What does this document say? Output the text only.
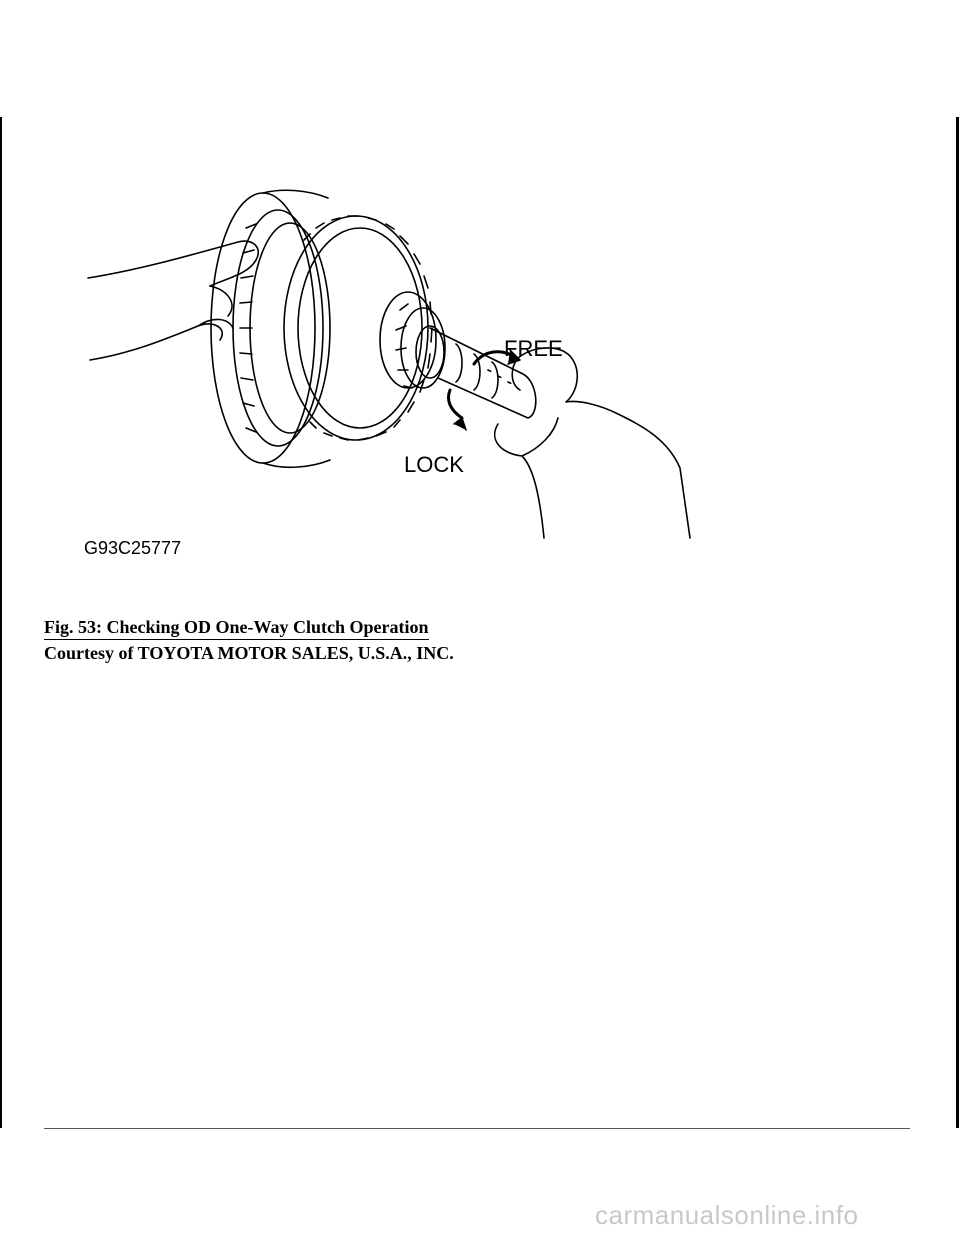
FREE
LOCK
G93C25777
Fig. 53: Checking OD One-Way Clutch Operation
Courtesy of TOYOTA MOTOR SALES, U.S.A., INC.
carmanualsonline.info
